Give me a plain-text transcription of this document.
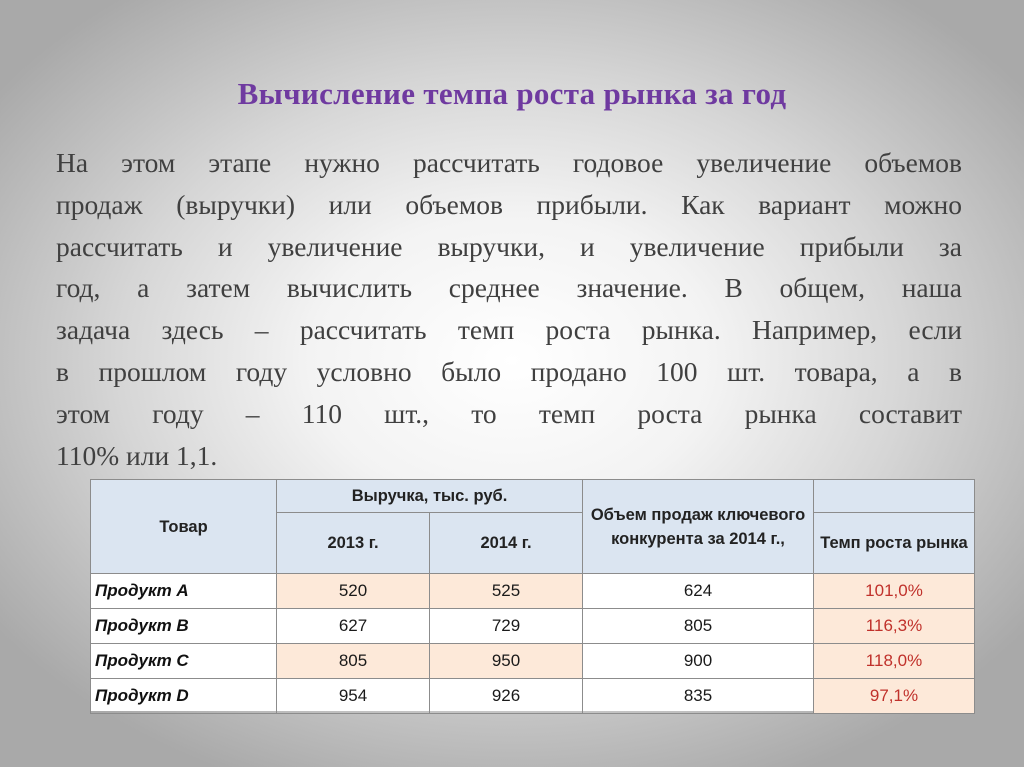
Вычисление темпа роста рынка за год
На этом этапе нужно рассчитать годовое увеличение объемов
продаж (выручки) или объемов прибыли. Как вариант можно
рассчитать и увеличение выручки, и увеличение прибыли за
год, а затем вычислить среднее значение. В общем, наша
задача здесь – рассчитать темп роста рынка. Например, если
в прошлом году условно было продано 100 шт. товара, а в
этом году – 110 шт., то темп роста рынка составит
110% или 1,1.
Товар	Выручка, тыс. руб.		Объем продаж ключевого конкурента за 2014 г.,	
	2013 г.	2014 г.		Темп роста рынка
Продукт А	520	525	624	101,0%
Продукт В	627	729	805	116,3%
Продукт С	805	950	900	118,0%
Продукт D	954	926	835	97,1%
